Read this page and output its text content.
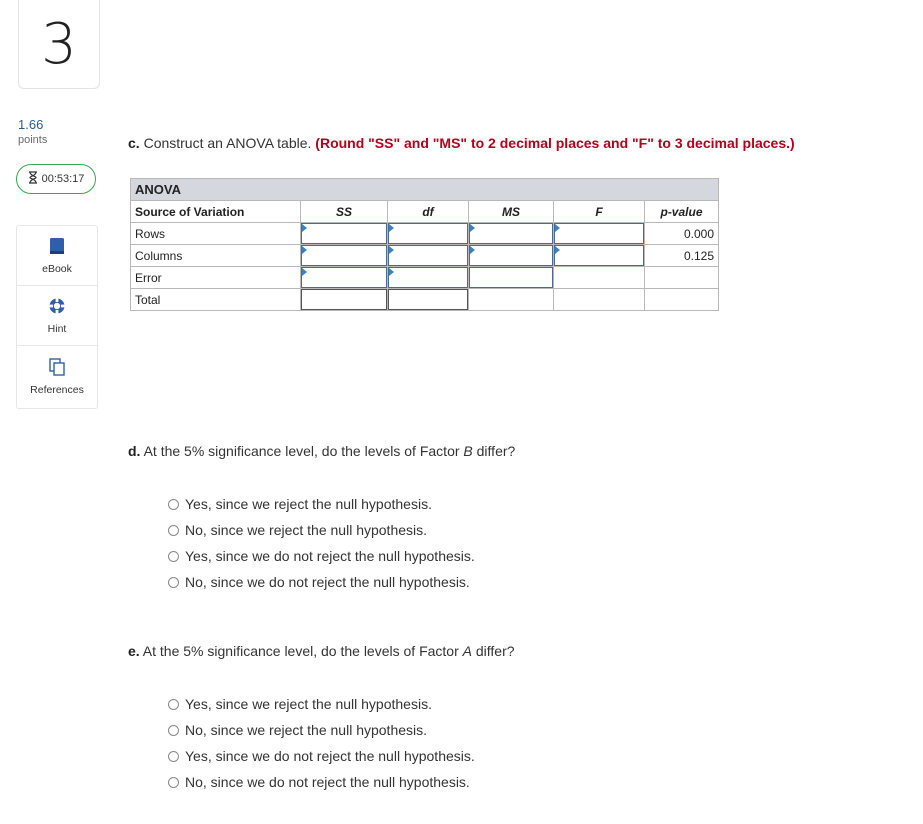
3
1.66
points
00:53:17
eBook
Hint
References
c. Construct an ANOVA table. (Round "SS" and "MS" to 2 decimal places and "F" to 3 decimal places.)
ANOVA					
Source of Variation	SS	df	MS	F	p-value
Rows					0.000
Columns					0.125
Error	

Total	

d. At the 5% significance level, do the levels of Factor B differ?
Yes, since we reject the null hypothesis.
No, since we reject the null hypothesis.
Yes, since we do not reject the null hypothesis.
No, since we do not reject the null hypothesis.
e. At the 5% significance level, do the levels of Factor A differ?
Yes, since we reject the null hypothesis.
No, since we reject the null hypothesis.
Yes, since we do not reject the null hypothesis.
No, since we do not reject the null hypothesis.
